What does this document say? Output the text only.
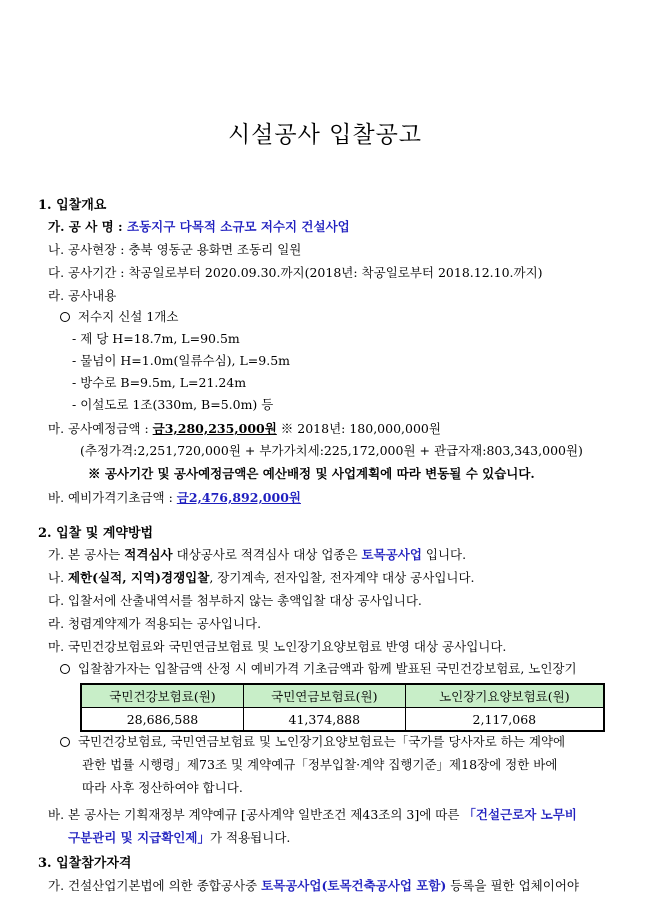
시설공사 입찰공고
1. 입찰개요
가. 공 사 명 : 조동지구 다목적 소규모 저수지 건설사업
나. 공사현장 : 충북 영동군 용화면 조동리 일원
다. 공사기간 : 착공일로부터 2020.09.30.까지(2018년: 착공일로부터 2018.12.10.까지)
라. 공사내용
저수지 신설 1개소
- 제 당 H=18.7m, L=90.5m
- 물넘이 H=1.0m(일류수심), L=9.5m
- 방수로 B=9.5m, L=21.24m
- 이설도로 1조(330m, B=5.0m) 등
마. 공사예정금액 : 금3,280,235,000원 ※ 2018년: 180,000,000원
(추정가격:2,251,720,000원 + 부가가치세:225,172,000원 + 관급자재:803,343,000원)
※ 공사기간 및 공사예정금액은 예산배정 및 사업계획에 따라 변동될 수 있습니다.
바. 예비가격기초금액 : 금2,476,892,000원
2. 입찰 및 계약방법
가. 본 공사는 적격심사 대상공사로 적격심사 대상 업종은 토목공사업 입니다.
나. 제한(실적, 지역)경쟁입찰, 장기계속, 전자입찰, 전자계약 대상 공사입니다.
다. 입찰서에 산출내역서를 첨부하지 않는 총액입찰 대상 공사입니다.
라. 청렴계약제가 적용되는 공사입니다.
마. 국민건강보험료와 국민연금보험료 및 노인장기요양보험료 반영 대상 공사입니다.
입찰참가자는 입찰금액 산정 시 예비가격 기초금액과 함께 발표된 국민건강보험료, 노인장기
국민건강보험료(원)	국민연금보험료(원)	노인장기요양보험료(원)
28,686,588	41,374,888	2,117,068
국민건강보험료, 국민연금보험료 및 노인장기요양보험료는「국가를 당사자로 하는 계약에
관한 법률 시행령」제73조 및 계약예규「정부입찰·계약 집행기준」제18장에 정한 바에
따라 사후 정산하여야 합니다.
바. 본 공사는 기획재정부 계약예규 [공사계약 일반조건 제43조의 3]에 따른 「건설근로자 노무비
구분관리 및 지급확인제」가 적용됩니다.
3. 입찰참가자격
가. 건설산업기본법에 의한 종합공사중 토목공사업(토목건축공사업 포함) 등록을 필한 업체이어야
